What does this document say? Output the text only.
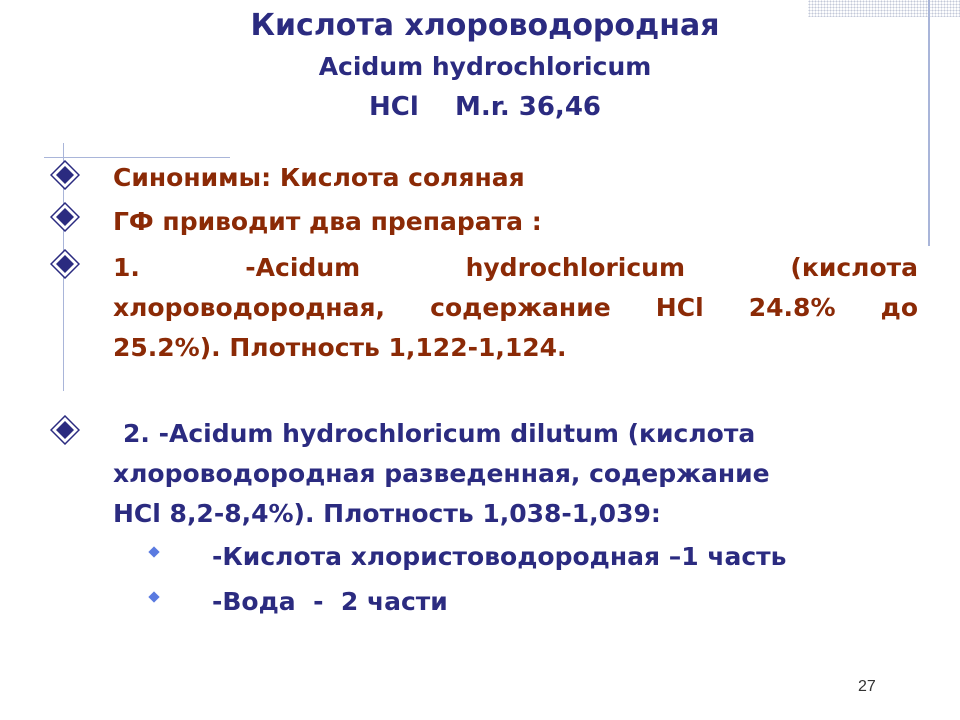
Кислота хлороводородная
Acidum hydrochloricum
HCl    M.r. 36,46
Синонимы: Кислота соляная
ГФ приводит два препарата :
1. -Acidum hydrochloricum (кислота
хлороводородная, содержание HCl 24.8% до
25.2%). Плотность 1,122-1,124.
2. -Acidum hydrochloricum dilutum (кислота
хлороводородная разведенная, содержание
HCl 8,2-8,4%). Плотность 1,038-1,039:
-Кислота хлористоводородная –1 часть
-Вода  -  2 части
27
